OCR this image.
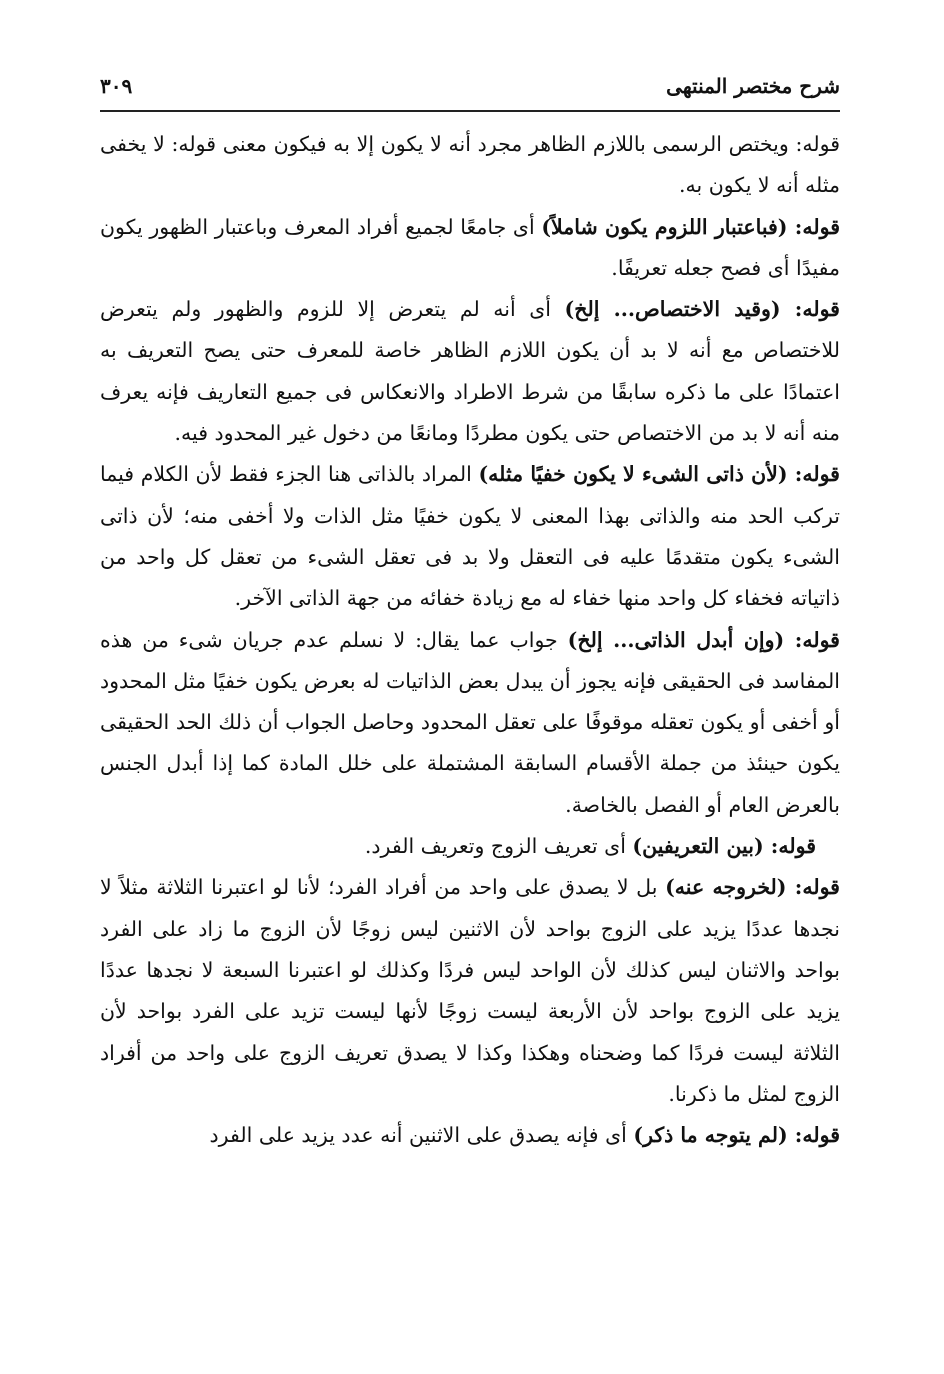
شرح مختصر المنتهى
٣٠٩

قوله: ويختص الرسمى باللازم الظاهر مجرد أنه لا يكون إلا به فيكون معنى قوله: لا يخفى مثله أنه لا يكون به.

قوله: (فباعتبار اللزوم يكون شاملاً) أى جامعًا لجميع أفراد المعرف وباعتبار الظهور يكون مفيدًا أى فصح جعله تعريفًا.

قوله: (وقيد الاختصاص... إلخ) أى أنه لم يتعرض إلا للزوم والظهور ولم يتعرض للاختصاص مع أنه لا بد أن يكون اللازم الظاهر خاصة للمعرف حتى يصح التعريف به اعتمادًا على ما ذكره سابقًا من شرط الاطراد والانعكاس فى جميع التعاريف فإنه يعرف منه أنه لا بد من الاختصاص حتى يكون مطردًا ومانعًا من دخول غير المحدود فيه.

قوله: (لأن ذاتى الشىء لا يكون خفيًا مثله) المراد بالذاتى هنا الجزء فقط لأن الكلام فيما تركب الحد منه والذاتى بهذا المعنى لا يكون خفيًا مثل الذات ولا أخفى منه؛ لأن ذاتى الشىء يكون متقدمًا عليه فى التعقل ولا بد فى تعقل الشىء من تعقل كل واحد من ذاتياته فخفاء كل واحد منها خفاء له مع زيادة خفائه من جهة الذاتى الآخر.

قوله: (وإن أبدل الذاتى... إلخ) جواب عما يقال: لا نسلم عدم جريان شىء من هذه المفاسد فى الحقيقى فإنه يجوز أن يبدل بعض الذاتيات له بعرض يكون خفيًا مثل المحدود أو أخفى أو يكون تعقله موقوفًا على تعقل المحدود وحاصل الجواب أن ذلك الحد الحقيقى يكون حينئذ من جملة الأقسام السابقة المشتملة على خلل المادة كما إذا أبدل الجنس بالعرض العام أو الفصل بالخاصة.

قوله: (بين التعريفين) أى تعريف الزوج وتعريف الفرد.

قوله: (لخروجه عنه) بل لا يصدق على واحد من أفراد الفرد؛ لأنا لو اعتبرنا الثلاثة مثلاً لا نجدها عددًا يزيد على الزوج بواحد لأن الاثنين ليس زوجًا لأن الزوج ما زاد على الفرد بواحد والاثنان ليس كذلك لأن الواحد ليس فردًا وكذلك لو اعتبرنا السبعة لا نجدها عددًا يزيد على الزوج بواحد لأن الأربعة ليست زوجًا لأنها ليست تزيد على الفرد بواحد لأن الثلاثة ليست فردًا كما وضحناه وهكذا وكذا لا يصدق تعريف الزوج على واحد من أفراد الزوج لمثل ما ذكرنا.

قوله: (لم يتوجه ما ذكر) أى فإنه يصدق على الاثنين أنه عدد يزيد على الفرد
